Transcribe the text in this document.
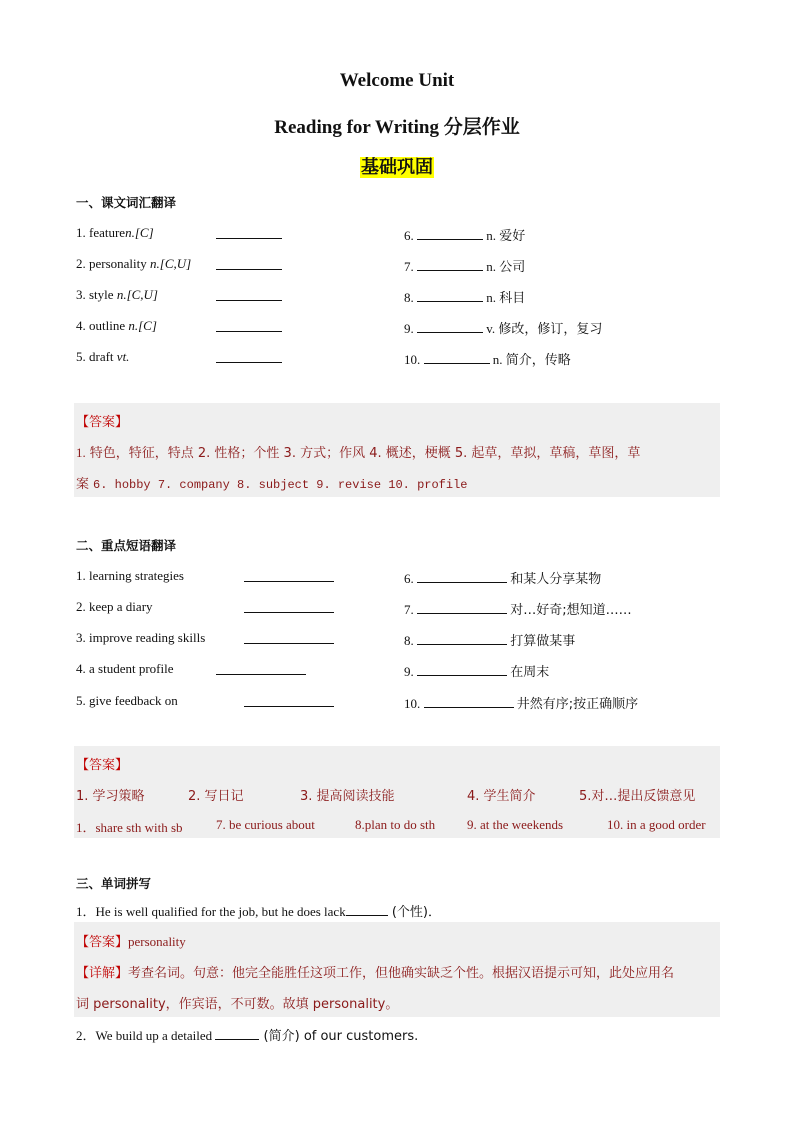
Welcome Unit
Reading for Writing 分层作业
基础巩固
一、课文词汇翻译
1. featuren.[C]
2. personality n.[C,U]
3. style n.[C,U]
4. outline n.[C]
5. draft vt.
6.	n. 爱好
7.	n. 公司
8.	n. 科目
9.	v. 修改，修订，复习
10.	n. 简介，传略
【答案】
1. 特色，特征，特点 2. 性格；个性 3. 方式；作风 4. 概述，梗概 5. 起草，草拟，草稿，草图，草
案 6. hobby 7. company 8. subject 9. revise 10. profile
二、重点短语翻译
1. learning strategies
2. keep a diary
3. improve reading skills
4. a student profile
5. give feedback on
6.	和某人分享某物
7.	对…好奇;想知道……
8.	打算做某事
9.	在周末
10.	井然有序;按正确顺序
【答案】
1. 学习策略	2. 写日记	3. 提高阅读技能	4. 学生简介	5.对…提出反馈意见
1．share sth with sb	7. be curious about	8.plan to do sth 9. at the weekends	10. in a good order
三、单词拼写
1．He is well qualified for the job, but he does lack	(个性)．
【答案】personality
【详解】考查名词。句意：他完全能胜任这项工作，但他确实缺乏个性。根据汉语提示可知，此处应用名
词 personality，作宾语，不可数。故填 personality。
2．We build up a detailed	(简介) of our customers.
